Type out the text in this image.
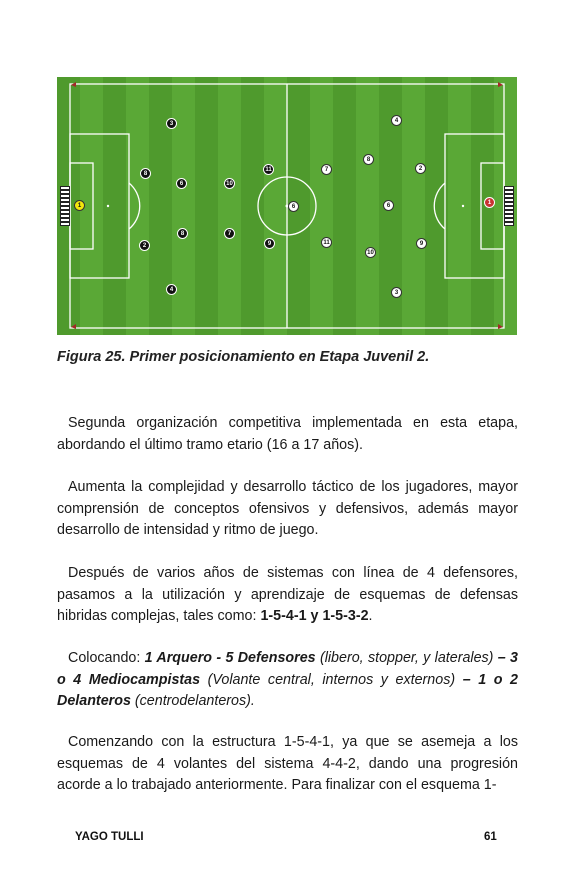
1	1
3
8
6	10
11
2
8	7
9
4
4
7
8
2
6	6
11
10
9
3
Figura 25. Primer posicionamiento en Etapa Juvenil 2.

Segunda organización competitiva implementada en esta etapa, abordando el último tramo etario (16 a 17 años).

Aumenta la complejidad y desarrollo táctico de los jugadores, mayor comprensión de conceptos ofensivos y defensivos, además mayor desarrollo de intensidad y ritmo de juego.

Después de varios años de sistemas con línea de 4 defensores, pasamos a la utilización y aprendizaje de esquemas de defensas hibridas complejas, tales como: 1-5-4-1 y 1-5-3-2.

Colocando: 1 Arquero - 5 Defensores (libero, stopper, y laterales) – 3 o 4 Mediocampistas (Volante central, internos y externos) – 1 o 2 Delanteros (centrodelanteros).

Comenzando con la estructura 1-5-4-1, ya que se asemeja a los esquemas de 4 volantes del sistema 4-4-2, dando una progresión acorde a lo trabajado anteriormente. Para finalizar con el esquema 1-

YAGO TULLI	61
